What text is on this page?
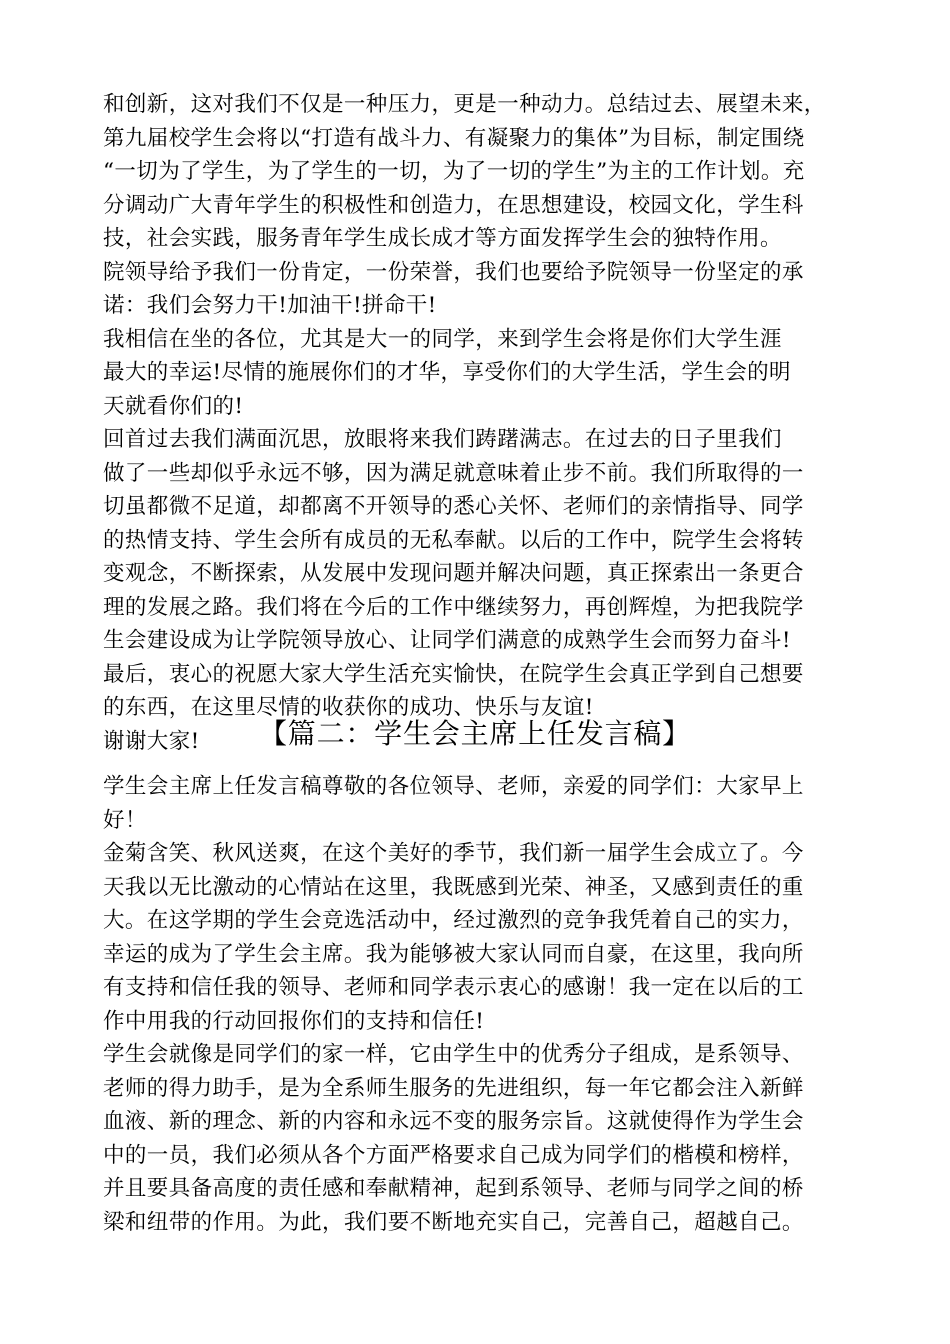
和创新，这对我们不仅是一种压力，更是一种动力。总结过去、展望未来，
第九届校学生会将以“打造有战斗力、有凝聚力的集体”为目标，制定围绕
“一切为了学生，为了学生的一切，为了一切的学生”为主的工作计划。充
分调动广大青年学生的积极性和创造力，在思想建设，校园文化，学生科
技，社会实践，服务青年学生成长成才等方面发挥学生会的独特作用。
院领导给予我们一份肯定，一份荣誉，我们也要给予院领导一份坚定的承
诺：我们会努力干!加油干!拼命干!
我相信在坐的各位，尤其是大一的同学，来到学生会将是你们大学生涯
最大的幸运!尽情的施展你们的才华，享受你们的大学生活，学生会的明
天就看你们的!
回首过去我们满面沉思，放眼将来我们踌躇满志。在过去的日子里我们
做了一些却似乎永远不够，因为满足就意味着止步不前。我们所取得的一
切虽都微不足道，却都离不开领导的悉心关怀、老师们的亲情指导、同学
的热情支持、学生会所有成员的无私奉献。以后的工作中，院学生会将转
变观念，不断探索，从发展中发现问题并解决问题，真正探索出一条更合
理的发展之路。我们将在今后的工作中继续努力，再创辉煌，为把我院学
生会建设成为让学院领导放心、让同学们满意的成熟学生会而努力奋斗!
最后，衷心的祝愿大家大学生活充实愉快，在院学生会真正学到自己想要
的东西，在这里尽情的收获你的成功、快乐与友谊!
谢谢大家!	【篇二：学生会主席上任发言稿】
学生会主席上任发言稿尊敬的各位领导、老师，亲爱的同学们：大家早上
好！
金菊含笑、秋风送爽，在这个美好的季节，我们新一届学生会成立了。今
天我以无比激动的心情站在这里，我既感到光荣、神圣，又感到责任的重
大。在这学期的学生会竞选活动中，经过激烈的竞争我凭着自己的实力，
幸运的成为了学生会主席。我为能够被大家认同而自豪，在这里，我向所
有支持和信任我的领导、老师和同学表示衷心的感谢！我一定在以后的工
作中用我的行动回报你们的支持和信任!
学生会就像是同学们的家一样，它由学生中的优秀分子组成，是系领导、
老师的得力助手，是为全系师生服务的先进组织，每一年它都会注入新鲜
血液、新的理念、新的内容和永远不变的服务宗旨。这就使得作为学生会
中的一员，我们必须从各个方面严格要求自己成为同学们的楷模和榜样，
并且要具备高度的责任感和奉献精神，起到系领导、老师与同学之间的桥
梁和纽带的作用。为此，我们要不断地充实自己，完善自己，超越自己。
